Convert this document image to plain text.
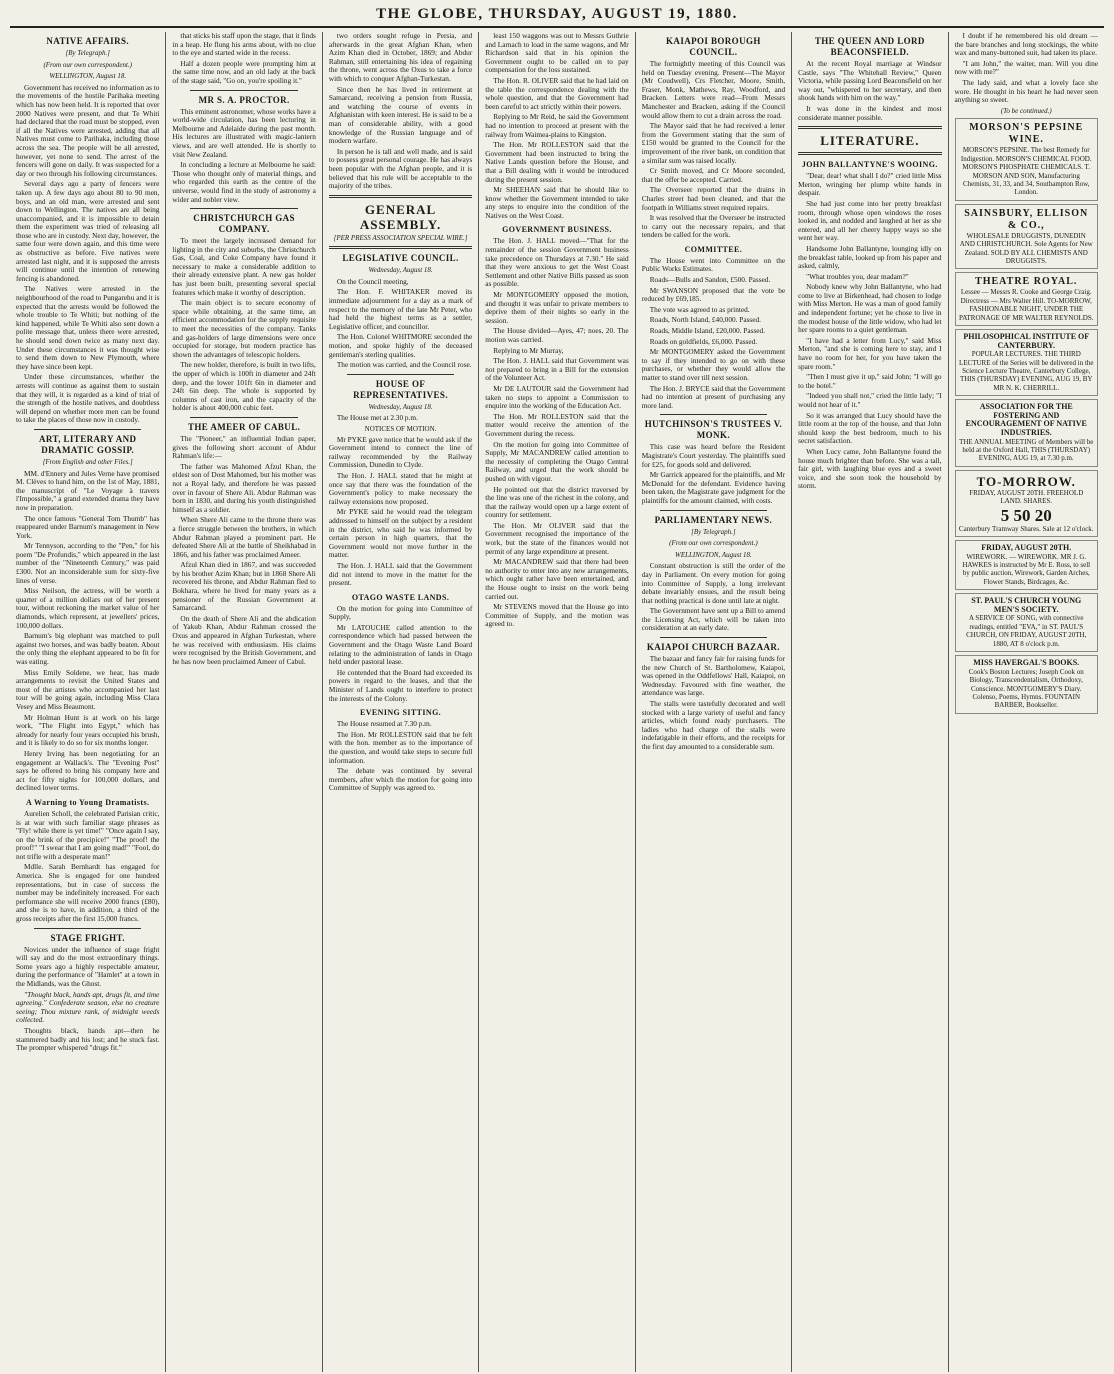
THE GLOBE, THURSDAY, AUGUST 19, 1880.
NATIVE AFFAIRS.
[By Telegraph.]
(From our own correspondent.)
WELLINGTON, August 18.

Government has received no information as to the movements of the hostile Parihaka meeting which has now been held. It is reported that over 2000 Natives were present, and that Te Whiti had declared that the road must be stopped, even if all the Natives were arrested, adding that all Natives must come to Parihaka, including those across the sea. The people will be all arrested, however, yet none to send. The arrest of the fencers will gone on daily. It was suspected for a day or two through his following circumstances.

Several days ago a party of fencers were taken up. A few days ago about 80 to 90 men, boys, and an old man, were arrested and sent down to Wellington. The natives are all being unaccompanied, and it is impossible to detain them the experiment was tried of releasing all those who are in custody. Next day, however, the same four were down again, and this time were as obstructive as before. Five natives were arrested last night, and it is supposed the arrests will continue until the intention of renewing fencing is abandoned.

The Natives were arrested in the neighbourhood of the road to Pungarehu and it is expected that the arrests would be followed the whole trouble to Te Whiti; but nothing of the kind happened, while Te Whiti also sent down a polite message that, unless there were arrested, he should send down twice as many next day. Under these circumstances it was thought wise to send them down to New Plymouth, where they have since been kept.

Under these circumstances, whether the arrests will continue as against them to sustain that they will, it is regarded as a kind of trial of the strength of the hostile natives, and doubtless will depend on whether more men can be found to take the places of those now in custody.

ART, LITERARY AND DRAMATIC GOSSIP.
[From English and other Files.]

MM. d'Ennery and Jules Verne have promised M. Clèves to hand him, on the 1st of May, 1881, the manuscript of "Le Voyage à travers l'Impossible," a grand extended drama they have now in preparation.

The once famous "General Tom Thumb" has reappeared under Barnum's management in New York.

Mr Tennyson, according to the "Pen," for his poem "De Profundis," which appeared in the last number of the "Nineteenth Century," was paid £300. Not an inconsiderable sum for sixty-five lines of verse.

Miss Neilson, the actress, will be worth a quarter of a million dollars out of her present tour, without reckoning the market value of her diamonds, which represent, at jewellers' prices, 100,000 dollars.

Barnum's big elephant was matched to pull against two horses, and was badly beaten. About the only thing the elephant appeared to be fit for was eating.

Miss Emily Soldene, we hear, has made arrangements to revisit the United States and most of the artistes who accompanied her last tour will be going again, including Miss Clara Vesey and Miss Beaumont.

Mr Holman Hunt is at work on his large work, "The Flight into Egypt," which has already for nearly four years occupied his brush, and it is likely to do so for six months longer.

Henry Irving has been negotiating for an engagement at Wallack's. The "Evening Post" says he offered to bring his company here and act for fifty nights for 100,000 dollars, and declined lower terms.

A Warning to Young Dramatists.

Aurelien Scholl, the celebrated Parisian critic, is at war with such familiar stage phrases as "Fly! while there is yet time!" "Once again I say, on the brink of the precipice!" "The proof! the proof!" "I swear that I am going mad!" "Fool, do not trifle with a desperate man!"

Mdlle. Sarah Bernhardt has engaged for America. She is engaged for one hundred representations, but in case of success the number may be indefinitely increased. For each performance she will receive 2000 francs (£80), and she is to have, in addition, a third of the gross receipts after the first 15,000 francs.

STAGE FRIGHT.

Novices under the influence of stage fright will say and do the most extraordinary things. Some years ago a highly respectable amateur, during the performance of "Hamlet" at a town in the Midlands, was the Ghost.

"Thought black, hands apt, drugs fit, and time agreeing." Confederate season, else no creature seeing; Thou mixture rank, of midnight weeds collected.

Thoughts black, hands apt—then he stammered badly and his lost; and he stuck fast. The prompter whispered "drugs fit."

that sticks his staff upon the stage, that it finds in a heap. He flung his arms about, with no clue to the eye and started wide in the recess.

Half a dozen people were prompting him at the same time now, and an old lady at the back of the stage said, "Go on, you're spoiling it."

MR S. A. PROCTOR.

This eminent astronomer, whose works have a world-wide circulation, has been lecturing in Melbourne and Adelaide during the past month. His lectures are illustrated with magic-lantern views, and are well attended. He is shortly to visit New Zealand.

In concluding a lecture at Melbourne he said: Those who thought only of material things, and who regarded this earth as the centre of the universe, would find in the study of astronomy a wider and nobler view.

CHRISTCHURCH GAS COMPANY.

To meet the largely increased demand for lighting in the city and suburbs, the Christchurch Gas, Coal, and Coke Company have found it necessary to make a considerable addition to their already extensive plant. A new gas holder has just been built, presenting several special features which make it worthy of description.

The main object is to secure economy of space while obtaining, at the same time, an efficient accommodation for the supply requisite to meet the necessities of the company. Tanks and gas-holders of large dimensions were once occupied for storage, but modern practice has shown the advantages of telescopic holders.

The new holder, therefore, is built in two lifts, the upper of which is 100ft in diameter and 24ft deep, and the lower 101ft 6in in diameter and 24ft 6in deep. The whole is supported by columns of cast iron, and the capacity of the holder is about 400,000 cubic feet.

THE AMEER OF CABUL.

The "Pioneer," an influential Indian paper, gives the following short account of Abdur Rahman's life:—

The father was Mahomed Afzul Khan, the eldest son of Dost Mahomed, but his mother was not a Royal lady, and therefore he was passed over in favour of Shere Ali. Abdur Rahman was born in 1830, and during his youth distinguished himself as a soldier.

When Shere Ali came to the throne there was a fierce struggle between the brothers, in which Abdur Rahman played a prominent part. He defeated Shere Ali at the battle of Sheikhabad in 1866, and his father was proclaimed Ameer.

Afzul Khan died in 1867, and was succeeded by his brother Azim Khan; but in 1868 Shere Ali recovered his throne, and Abdur Rahman fled to Bokhara, where he lived for many years as a pensioner of the Russian Government at Samarcand.

On the death of Shere Ali and the abdication of Yakub Khan, Abdur Rahman crossed the Oxus and appeared in Afghan Turkestan, where he was received with enthusiasm. His claims were recognised by the British Government, and he has now been proclaimed Ameer of Cabul.

two orders sought refuge in Persia, and afterwards in the great Afghan Khan, when Azim Khan died in October, 1869; and Abdur Rahman, still entertaining his idea of regaining the throne, went across the Oxus to take a force with which to conquer Afghan-Turkestan.

Since then he has lived in retirement at Samarcand, receiving a pension from Russia, and watching the course of events in Afghanistan with keen interest. He is said to be a man of considerable ability, with a good knowledge of the Russian language and of modern warfare.

In person he is tall and well made, and is said to possess great personal courage. He has always been popular with the Afghan people, and it is believed that his rule will be acceptable to the majority of the tribes.

GENERAL ASSEMBLY.
[PER PRESS ASSOCIATION SPECIAL WIRE.]
LEGISLATIVE COUNCIL.
Wednesday, August 18.

On the Council meeting,

The Hon. F. WHITAKER moved its immediate adjournment for a day as a mark of respect to the memory of the late Mr Peter, who had held the highest terms as a settler, Legislative officer, and councillor.

The Hon. Colonel WHITMORE seconded the motion, and spoke highly of the deceased gentleman's sterling qualities.

The motion was carried, and the Council rose.

HOUSE OF REPRESENTATIVES.
Wednesday, August 18.

The House met at 2.30 p.m.

NOTICES OF MOTION.

Mr PYKE gave notice that he would ask if the Government intend to connect the line of railway recommended by the Railway Commission, Dunedin to Clyde.

The Hon. J. HALL stated that he might at once say that there was the foundation of the Government's policy to make necessary the railway extensions now proposed.

Mr PYKE said he would read the telegram addressed to himself on the subject by a resident in the district, who said he was informed by certain person in high quarters, that the Government would not move further in the matter.

The Hon. J. HALL said that the Government did not intend to move in the matter for the present.

OTAGO WASTE LANDS.

On the motion for going into Committee of Supply,

Mr LATOUCHE called attention to the correspondence which had passed between the Government and the Otago Waste Land Board relating to the administration of lands in Otago held under pastoral lease.

He contended that the Board had exceeded its powers in regard to the leases, and that the Minister of Lands ought to interfere to protect the interests of the Colony.

EVENING SITTING.

The House resumed at 7.30 p.m.

The Hon. Mr ROLLESTON said that he felt with the hon. member as to the importance of the question, and would take steps to secure full information.

The debate was continued by several members, after which the motion for going into Committee of Supply was agreed to.

least 150 waggons was out to Messrs Guthrie and Larnach to load in the same wagons, and Mr Richardson said that in his opinion the Government ought to be called on to pay compensation for the loss sustained.

The Hon. R. OLIVER said that he had laid on the table the correspondence dealing with the whole question, and that the Government had been careful to act strictly within their powers.

Replying to Mr Reid, he said the Government had no intention to proceed at present with the railway from Waimea-plains to Kingston.

The Hon. Mr ROLLESTON said that the Government had been instructed to bring the Native Lands question before the House, and that a Bill dealing with it would be introduced during the present session.

Mr SHEEHAN said that he should like to know whether the Government intended to take any steps to enquire into the condition of the Natives on the West Coast.

GOVERNMENT BUSINESS.

The Hon. J. HALL moved—"That for the remainder of the session Government business take precedence on Thursdays at 7.30." He said that they were anxious to get the West Coast Settlement and other Native Bills passed as soon as possible.

Mr MONTGOMERY opposed the motion, and thought it was unfair to private members to deprive them of their nights so early in the session.

The House divided—Ayes, 47; noes, 20. The motion was carried.

Replying to Mr Murray,

The Hon. J. HALL said that Government was not prepared to bring in a Bill for the extension of the Volunteer Act.

Mr DE LAUTOUR said the Government had taken no steps to appoint a Commission to enquire into the working of the Education Act.

The Hon. Mr ROLLESTON said that the matter would receive the attention of the Government during the recess.

On the motion for going into Committee of Supply, Mr MACANDREW called attention to the necessity of completing the Otago Central Railway, and urged that the work should be pushed on with vigour.

He pointed out that the district traversed by the line was one of the richest in the colony, and that the railway would open up a large extent of country for settlement.

The Hon. Mr OLIVER said that the Government recognised the importance of the work, but the state of the finances would not permit of any large expenditure at present.

Mr MACANDREW said that there had been no authority to enter into any new arrangements, which ought rather have been entertained, and the House ought to insist on the work being carried out.

Mr STEVENS moved that the House go into Committee of Supply, and the motion was agreed to.

KAIAPOI BOROUGH COUNCIL.

The fortnightly meeting of this Council was held on Tuesday evening. Present—The Mayor (Mr Coudwell), Crs Fletcher, Moore, Smith, Fraser, Monk, Mathews, Ray, Woodford, and Bracken. Letters were read—From Messrs Manchester and Bracken, asking if the Council would allow them to cut a drain across the road.

The Mayor said that he had received a letter from the Government stating that the sum of £150 would be granted to the Council for the improvement of the river bank, on condition that a similar sum was raised locally.

Cr Smith moved, and Cr Moore seconded, that the offer be accepted. Carried.

The Overseer reported that the drains in Charles street had been cleaned, and that the footpath in Williams street required repairs.

It was resolved that the Overseer be instructed to carry out the necessary repairs, and that tenders be called for the work.

COMMITTEE.

The House went into Committee on the Public Works Estimates.

Roads—Bulls and Sandon, £500. Passed.

Mr SWANSON proposed that the vote be reduced by £69,185.

The vote was agreed to as printed.

Roads, North Island, £40,000. Passed.

Roads, Middle Island, £20,000. Passed.

Roads on goldfields, £6,000. Passed.

Mr MONTGOMERY asked the Government to say if they intended to go on with these purchases, or whether they would allow the matter to stand over till next session.

The Hon. J. BRYCE said that the Government had no intention at present of purchasing any more land.

HUTCHINSON'S TRUSTEES V. MONK.

This case was heard before the Resident Magistrate's Court yesterday. The plaintiffs sued for £25, for goods sold and delivered.

Mr Garrick appeared for the plaintiffs, and Mr McDonald for the defendant. Evidence having been taken, the Magistrate gave judgment for the plaintiffs for the amount claimed, with costs.

PARLIAMENTARY NEWS.
[By Telegraph.]
(From our own correspondent.)
WELLINGTON, August 18.

Constant obstruction is still the order of the day in Parliament. On every motion for going into Committee of Supply, a long irrelevant debate invariably ensues, and the result being that nothing practical is done until late at night.

The Government have sent up a Bill to amend the Licensing Act, which will be taken into consideration at an early date.

KAIAPOI CHURCH BAZAAR.

The bazaar and fancy fair for raising funds for the new Church of St. Bartholomew, Kaiapoi, was opened in the Oddfellows' Hall, Kaiapoi, on Wednesday. Favoured with fine weather, the attendance was large.

The stalls were tastefully decorated and well stocked with a large variety of useful and fancy articles, which found ready purchasers. The ladies who had charge of the stalls were indefatigable in their efforts, and the receipts for the first day amounted to a considerable sum.

THE QUEEN AND LORD BEACONSFIELD.

At the recent Royal marriage at Windsor Castle, says "The Whitehall Review," Queen Victoria, while passing Lord Beaconsfield on her way out, "whispered to her secretary, and then shook hands with him on the way."

It was done in the kindest and most considerate manner possible.

LITERATURE.
JOHN BALLANTYNE'S WOOING.

"Dear, dear! what shall I do?" cried little Miss Merton, wringing her plump white hands in despair.

She had just come into her pretty breakfast room, through whose open windows the roses looked in, and nodded and laughed at her as she entered, and all her cheery happy ways so she went her way.

Handsome John Ballantyne, lounging idly on the breakfast table, looked up from his paper and asked, calmly,

"What troubles you, dear madam?"

Nobody knew why John Ballantyne, who had come to live at Birkenhead, had chosen to lodge with Miss Merton. He was a man of good family and independent fortune; yet he chose to live in the modest house of the little widow, who had let her spare rooms to a quiet gentleman.

"I have had a letter from Lucy," said Miss Merton, "and she is coming here to stay, and I have no room for her, for you have taken the spare room."

"Then I must give it up," said John; "I will go to the hotel."

"Indeed you shall not," cried the little lady; "I would not hear of it."

So it was arranged that Lucy should have the little room at the top of the house, and that John should keep the best bedroom, much to his secret satisfaction.

When Lucy came, John Ballantyne found the house much brighter than before. She was a tall, fair girl, with laughing blue eyes and a sweet voice, and she soon took the household by storm.

I doubt if he remembered his old dream — the bare branches and long stockings, the white wax and many-buttoned suit, had taken its place.

"I am John," the waiter, man. Will you dine now with me?"

The lady said, and what a lovely face she wore. He thought in his heart he had never seen anything so sweet.

(To be continued.)
MORSON'S PEPSINE WINE.
MORSON'S PEPSINE. The best Remedy for Indigestion. MORSON'S CHEMICAL FOOD. MORSON'S PHOSPHATE CHEMICALS. T. MORSON AND SON, Manufacturing Chemists, 31, 33, and 34, Southampton Row, London.
SAINSBURY, ELLISON & CO.,
WHOLESALE DRUGGISTS, DUNEDIN AND CHRISTCHURCH. Sole Agents for New Zealand. SOLD BY ALL CHEMISTS AND DRUGGISTS.
THEATRE ROYAL.
Lessee — Messrs R. Cooke and George Craig. Directress — Mrs Walter Hill. TO-MORROW, FASHIONABLE NIGHT, UNDER THE PATRONAGE OF MR WALTER REYNOLDS.
PHILOSOPHICAL INSTITUTE OF CANTERBURY.
POPULAR LECTURES. THE THIRD LECTURE of the Series will be delivered in the Science Lecture Theatre, Canterbury College, THIS (THURSDAY) EVENING, AUG 19, BY MR N. K. CHERRILL.
ASSOCIATION FOR THE FOSTERING AND ENCOURAGEMENT OF NATIVE INDUSTRIES.
THE ANNUAL MEETING of Members will be held at the Oxford Hall, THIS (THURSDAY) EVENING, AUG 19, at 7.30 p.m.
TO-MORROW.
FRIDAY, AUGUST 20TH. FREEHOLD LAND. SHARES.
5 50 20
Canterbury Tramway Shares. Sale at 12 o'clock.
FRIDAY, AUGUST 20TH.
WIREWORK. — WIREWORK. MR J. G. HAWKES is instructed by Mr E. Ross, to sell by public auction, Wirework, Garden Arches, Flower Stands, Birdcages, &c.
ST. PAUL'S CHURCH YOUNG MEN'S SOCIETY.
A SERVICE OF SONG, with connective readings, entitled "EVA," in ST. PAUL'S CHURCH, ON FRIDAY, AUGUST 20TH, 1880, AT 8 o'clock p.m.
MISS HAVERGAL'S BOOKS.
Cook's Boston Lectures; Joseph Cook on Biology, Transcendentalism, Orthodoxy, Conscience. MONTGOMERY'S Diary. Colenso, Poems, Hymns. FOUNTAIN BARBER, Bookseller.
